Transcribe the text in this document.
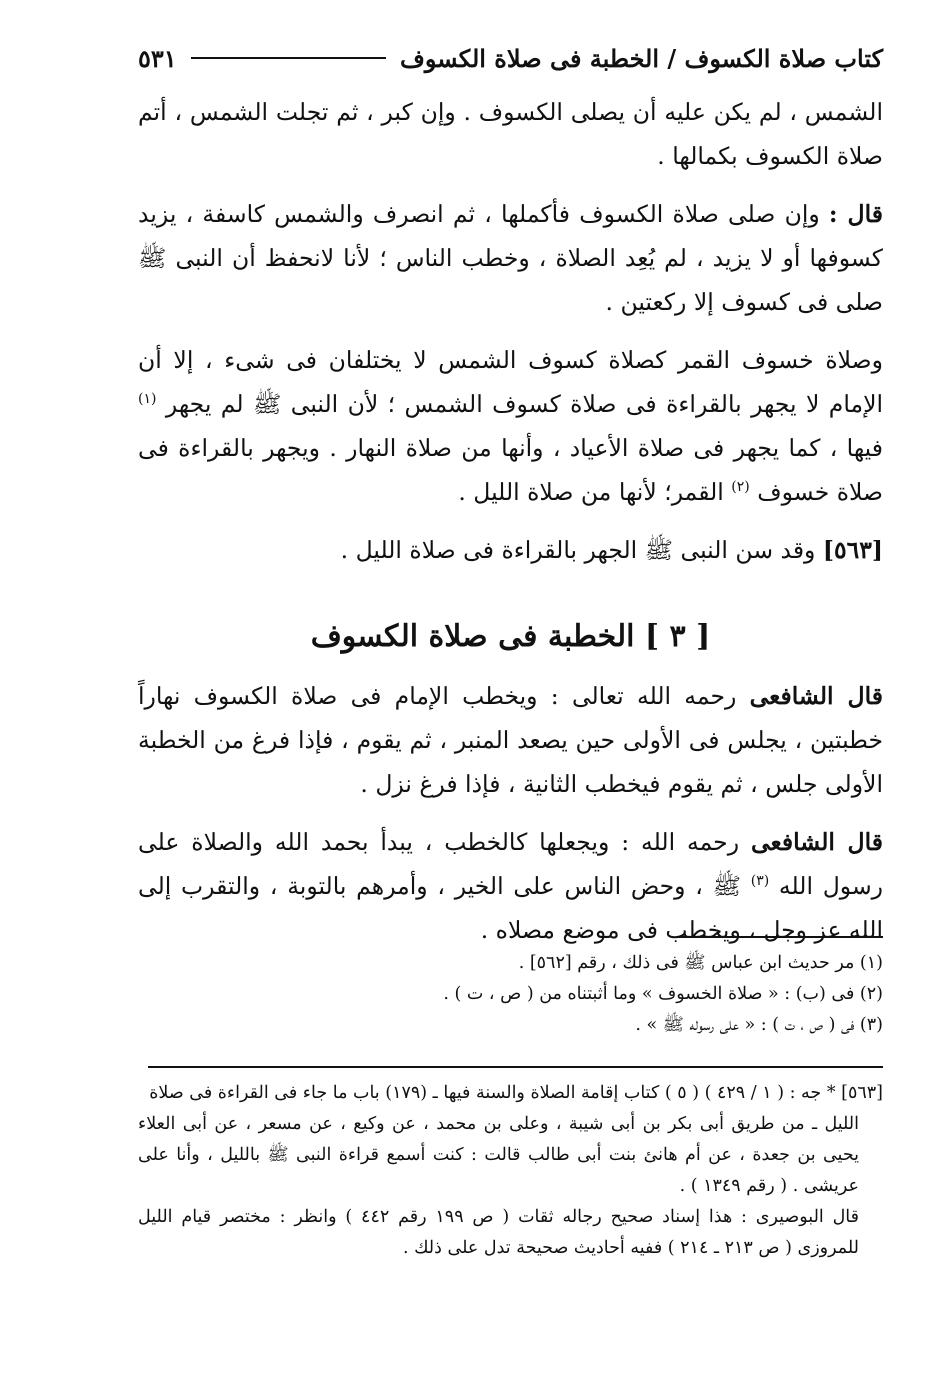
كتاب صلاة الكسوف / الخطبة فى صلاة الكسوف
٥٣١

الشمس ، لم يكن عليه أن يصلى الكسوف . وإن كبر ، ثم تجلت الشمس ، أتم صلاة الكسوف بكمالها .

قال : وإن صلى صلاة الكسوف فأكملها ، ثم انصرف والشمس كاسفة ، يزيد كسوفها أو لا يزيد ، لم يُعِد الصلاة ، وخطب الناس ؛ لأنا لانحفظ أن النبى ﷺ صلى فى كسوف إلا ركعتين .

وصلاة خسوف القمر كصلاة كسوف الشمس لا يختلفان فى شىء ، إلا أن الإمام لا يجهر بالقراءة فى صلاة كسوف الشمس ؛ لأن النبى ﷺ لم يجهر $^{(١)}$ فيها ، كما يجهر فى صلاة الأعياد ، وأنها من صلاة النهار . ويجهر بالقراءة فى صلاة خسوف $^{(٢)}$ القمر؛ لأنها من صلاة الليل .

[٥٦٣] وقد سن النبى ﷺ الجهر بالقراءة فى صلاة الليل .

[ ٣ ] الخطبة فى صلاة الكسوف

قال الشافعى رحمه الله تعالى : ويخطب الإمام فى صلاة الكسوف نهاراً خطبتين ، يجلس فى الأولى حين يصعد المنبر ، ثم يقوم ، فإذا فرغ من الخطبة الأولى جلس ، ثم يقوم فيخطب الثانية ، فإذا فرغ نزل .

قال الشافعى رحمه الله : ويجعلها كالخطب ، يبدأ بحمد الله والصلاة على رسول الله $^{(٣)}$ ﷺ ، وحض الناس على الخير ، وأمرهم بالتوبة ، والتقرب إلى الله عز وجل ، ويخطب فى موضع مصلاه .

(١) مر حديث ابن عباس ﷺ فى ذلك ، رقم [٥٦٢] .

(٢) فى (ب) : « صلاة الخسوف » وما أثبتناه من ( ص ، ت ) .

(٣) فى ( ص ، ت ) : « على رسوله ﷺ » .

[٥٦٣] * جه : ( ١ / ٤٢٩ ) ( ٥ ) كتاب إقامة الصلاة والسنة فيها ـ (١٧٩) باب ما جاء فى القراءة فى صلاة

الليل ـ من طريق أبى بكر بن أبى شيبة ، وعلى بن محمد ، عن وكيع ، عن مسعر ، عن أبى العلاء يحيى بن جعدة ، عن أم هانئ بنت أبى طالب قالت : كنت أسمع قراءة النبى ﷺ بالليل ، وأنا على عريشى . ( رقم ١٣٤٩ ) .

قال البوصيرى : هذا إسناد صحيح رجاله ثقات ( ص ١٩٩ رقم ٤٤٢ ) وانظر : مختصر قيام الليل للمروزى ( ص ٢١٣ ـ ٢١٤ ) ففيه أحاديث صحيحة تدل على ذلك .
